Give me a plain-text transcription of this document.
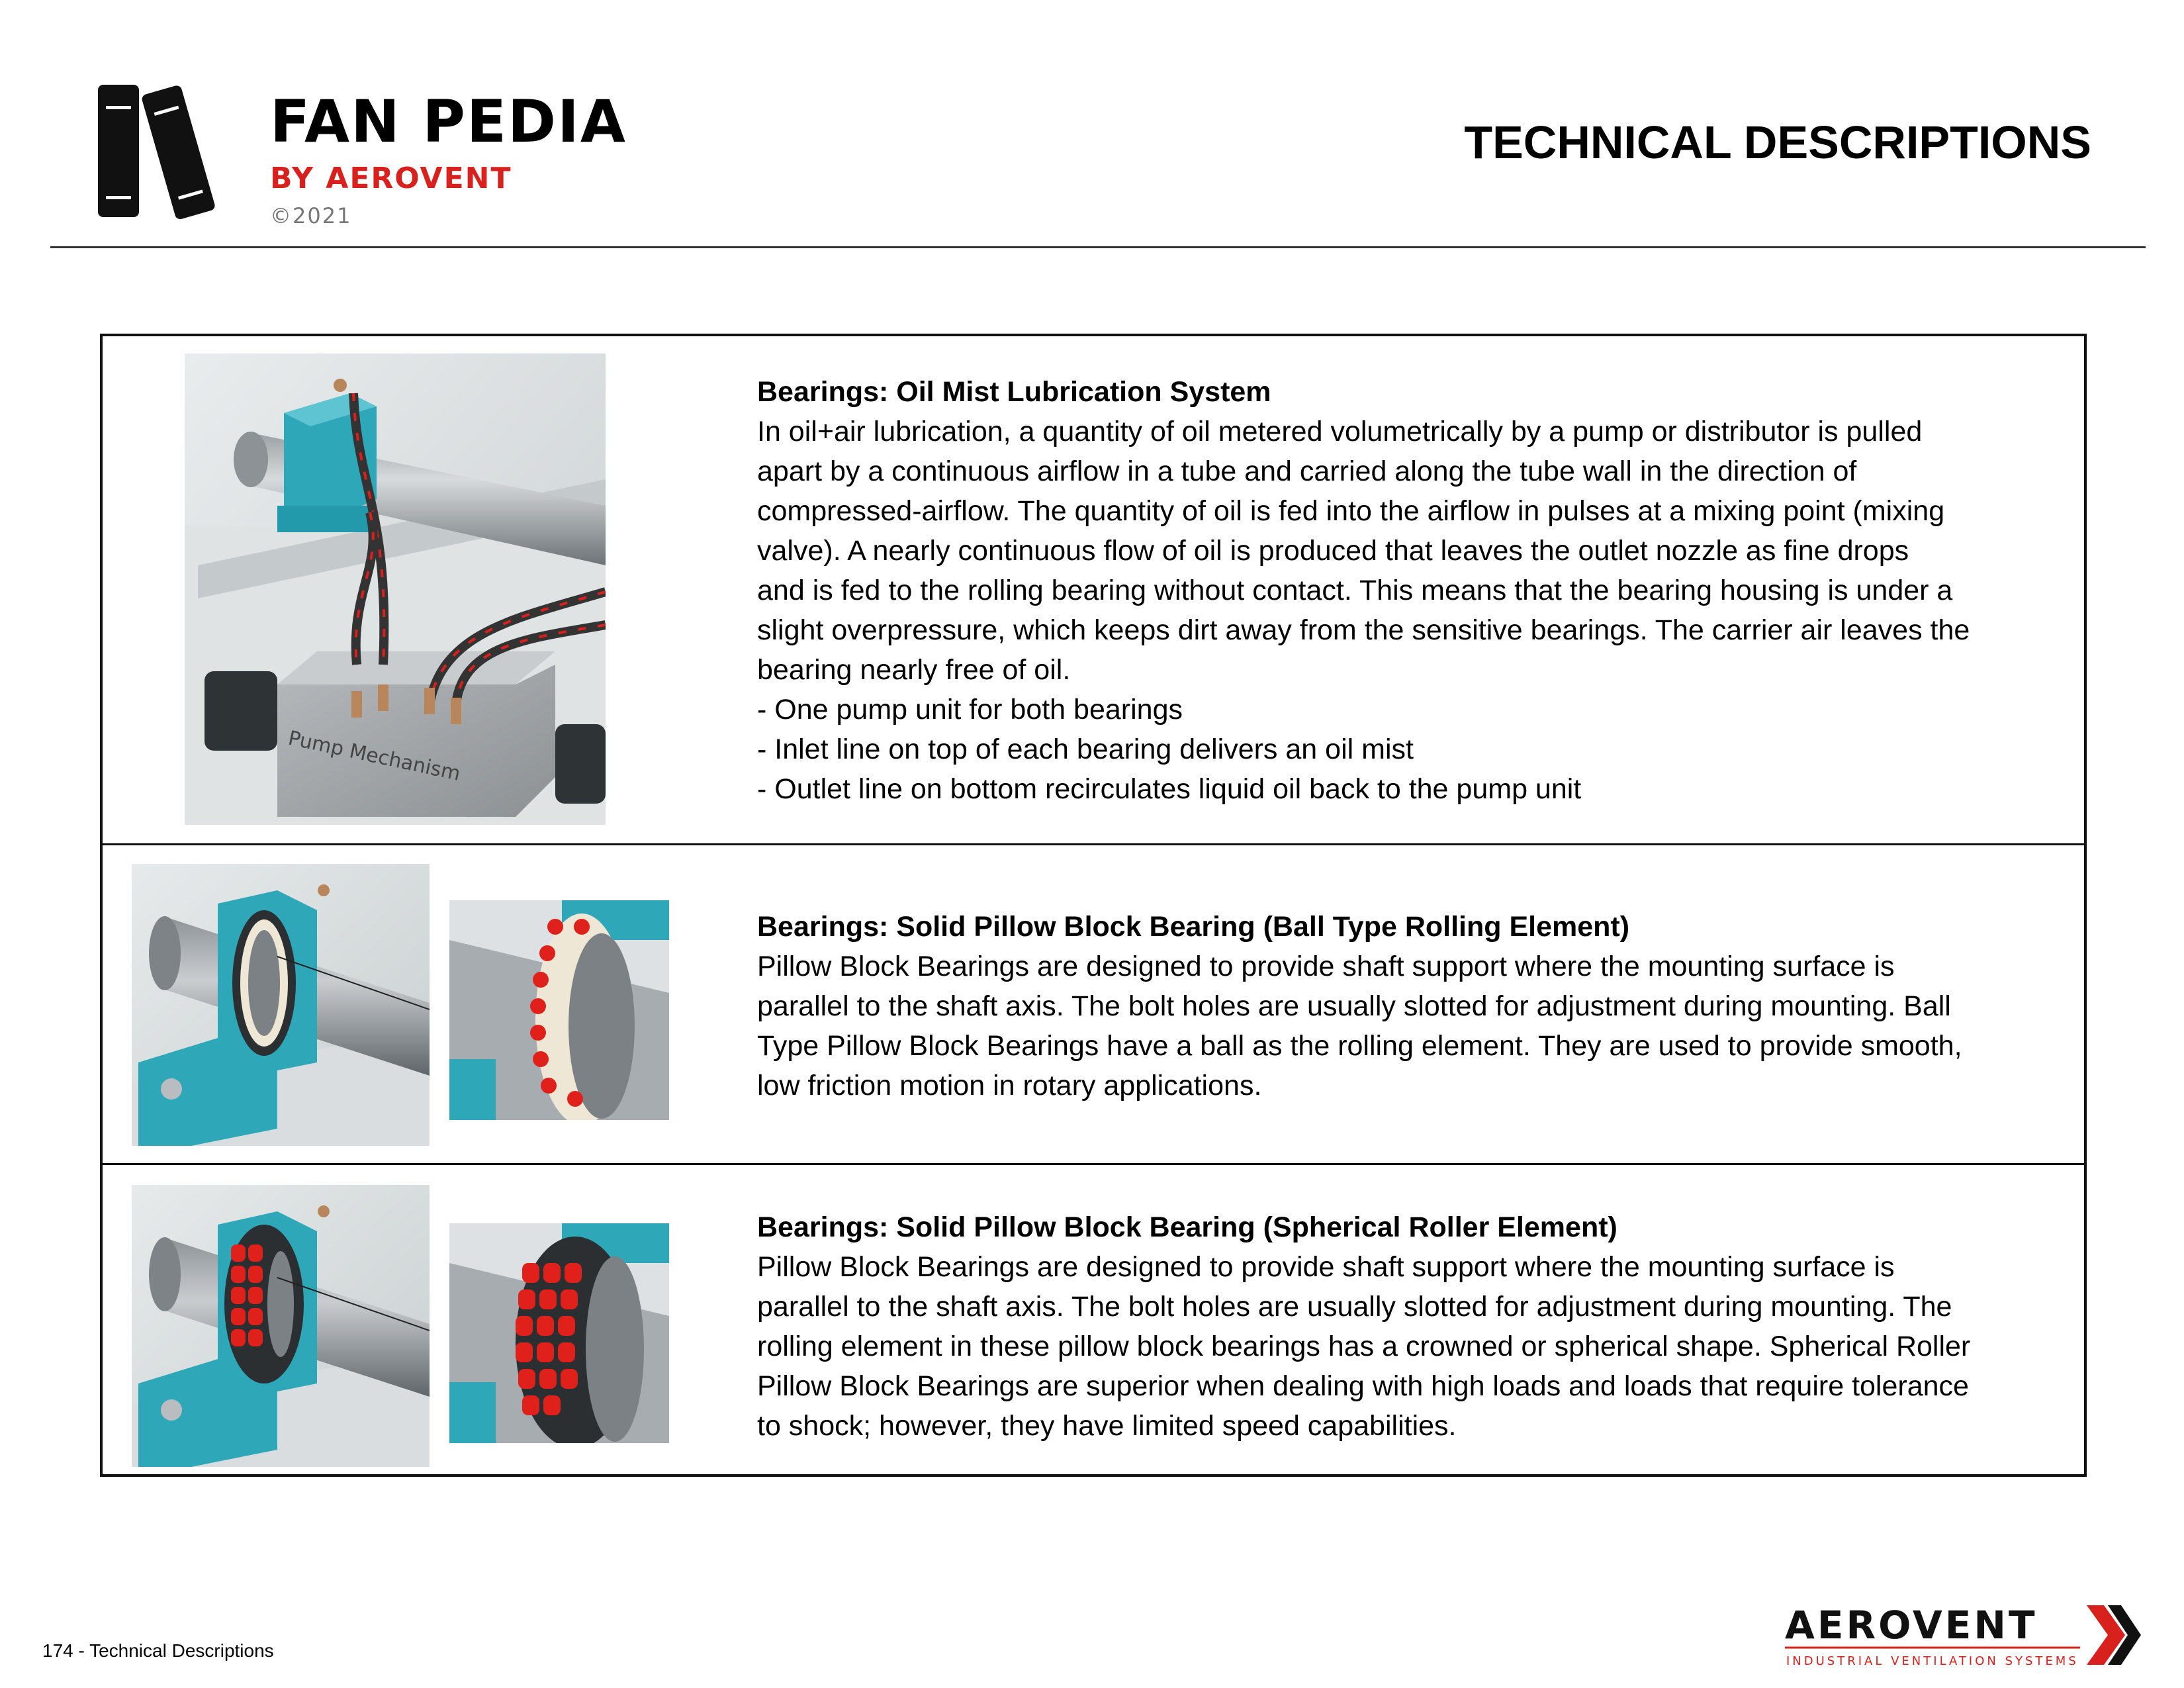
FAN PEDIA
BY AEROVENT
©2021
TECHNICAL DESCRIPTIONS
Pump Mechanism
Bearings: Oil Mist Lubrication System
In oil+air lubrication, a quantity of oil metered volumetrically by a pump or distributor is pulled
apart by a continuous airflow in a tube and carried along the tube wall in the direction of
compressed-airflow. The quantity of oil is fed into the airflow in pulses at a mixing point (mixing
valve). A nearly continuous flow of oil is produced that leaves the outlet nozzle as fine drops
and is fed to the rolling bearing without contact. This means that the bearing housing is under a
slight overpressure, which keeps dirt away from the sensitive bearings. The carrier air leaves the
bearing nearly free of oil.
- One pump unit for both bearings
- Inlet line on top of each bearing delivers an oil mist
- Outlet line on bottom recirculates liquid oil back to the pump unit
Bearings: Solid Pillow Block Bearing (Ball Type Rolling Element)
Pillow Block Bearings are designed to provide shaft support where the mounting surface is
parallel to the shaft axis. The bolt holes are usually slotted for adjustment during mounting. Ball
Type Pillow Block Bearings have a ball as the rolling element. They are used to provide smooth,
low friction motion in rotary applications.
Bearings: Solid Pillow Block Bearing (Spherical Roller Element)
Pillow Block Bearings are designed to provide shaft support where the mounting surface is
parallel to the shaft axis. The bolt holes are usually slotted for adjustment during mounting. The
rolling element in these pillow block bearings has a crowned or spherical shape. Spherical Roller
Pillow Block Bearings are superior when dealing with high loads and loads that require tolerance
to shock; however, they have limited speed capabilities.
174 - Technical Descriptions
AEROVENT
INDUSTRIAL VENTILATION SYSTEMS
